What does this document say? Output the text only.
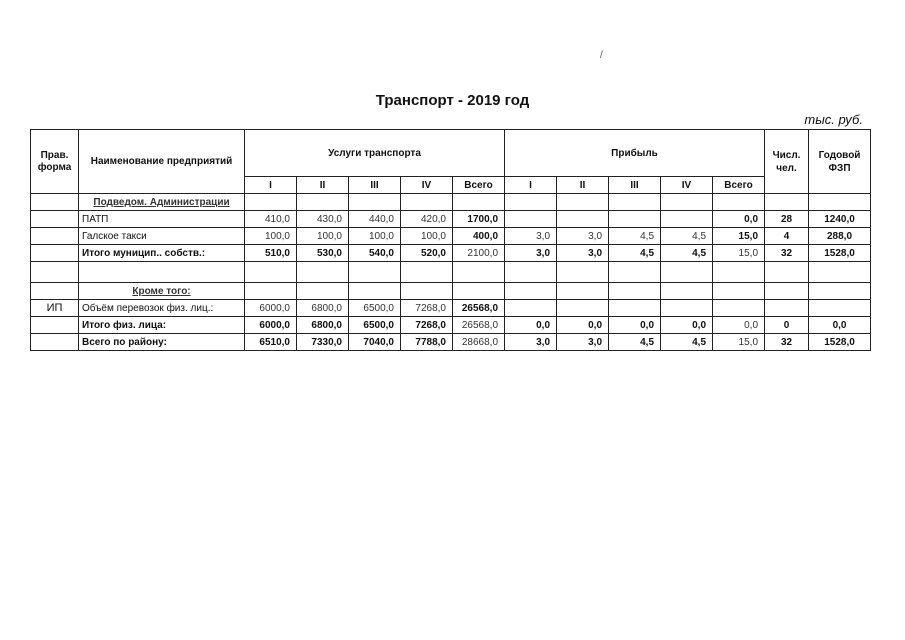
Транспорт - 2019 год
/
тыс. руб.
Прав. форма	Наименование предприятий	Услуги транспорта					Прибыль					Числ. чел.	Годовой ФЗП
		I	II	III	IV	Всего	I	II	III	IV	Всего		
	Подведом. Администрации												
	ПАТП	410,0	430,0	440,0	420,0	1700,0					0,0	28	1240,0
	Галское такси	100,0	100,0	100,0	100,0	400,0	3,0	3,0	4,5	4,5	15,0	4	288,0
	Итого муницип.. собств.:	510,0	530,0	540,0	520,0	2100,0	3,0	3,0	4,5	4,5	15,0	32	1528,0

	Кроме того:												
ИП	Объём перевозок физ. лиц.:	6000,0	6800,0	6500,0	7268,0	26568,0							
	Итого физ. лица:	6000,0	6800,0	6500,0	7268,0	26568,0	0,0	0,0	0,0	0,0	0,0	0	0,0
	Всего по району:	6510,0	7330,0	7040,0	7788,0	28668,0	3,0	3,0	4,5	4,5	15,0	32	1528,0
